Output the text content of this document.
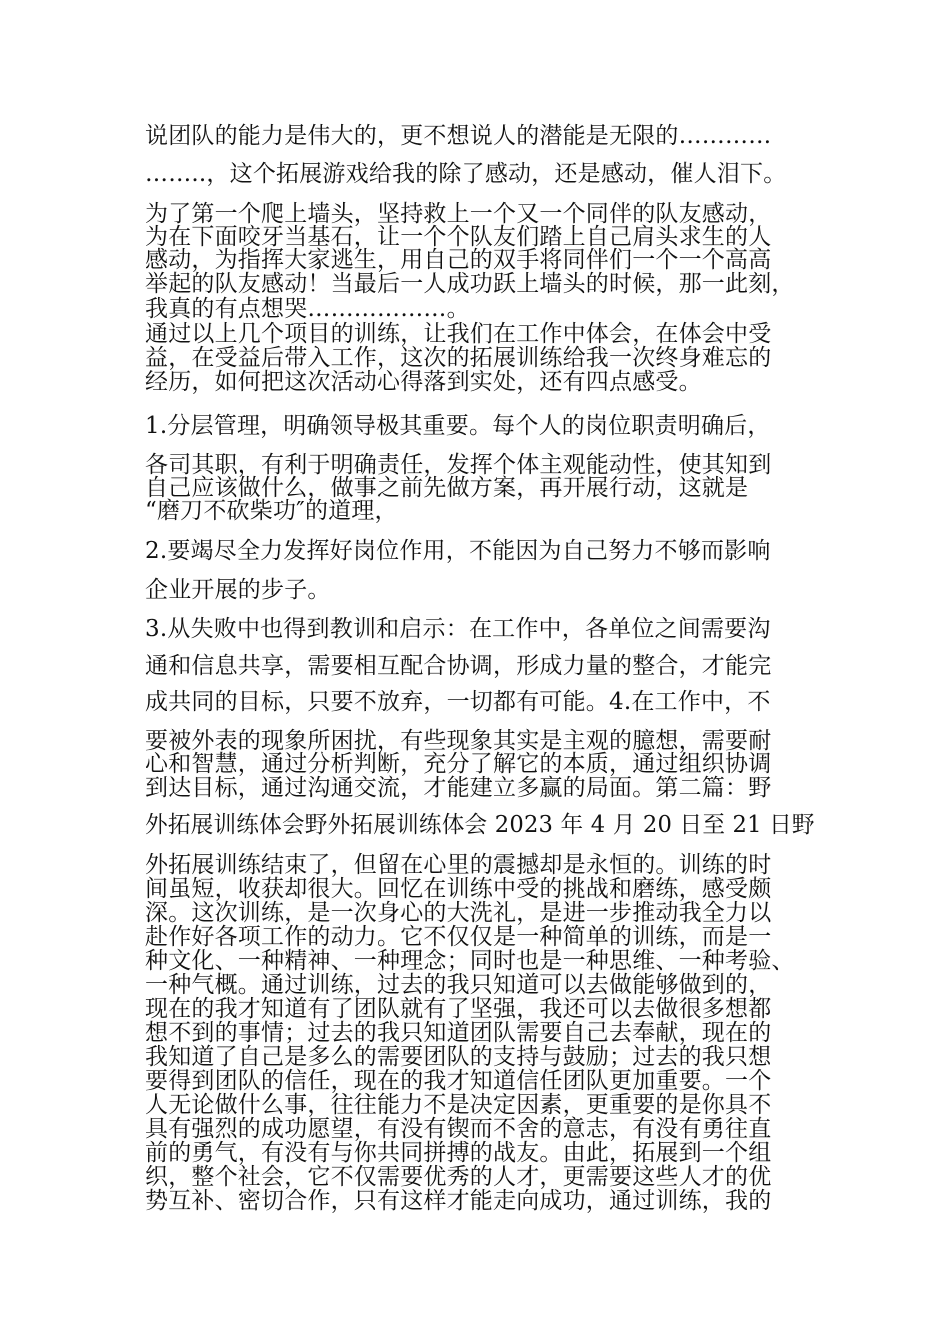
说团队的能力是伟大的，更不想说人的潜能是无限的…………
……..，这个拓展游戏给我的除了感动，还是感动，催人泪下。
为了第一个爬上墙头，坚持救上一个又一个同伴的队友感动，
为在下面咬牙当基石，让一个个队友们踏上自己肩头求生的人
感动，为指挥大家逃生，用自己的双手将同伴们一个一个高高
举起的队友感动！当最后一人成功跃上墙头的时候，那一此刻，
我真的有点想哭………………。
通过以上几个项目的训练，让我们在工作中体会，在体会中受
益，在受益后带入工作，这次的拓展训练给我一次终身难忘的
经历，如何把这次活动心得落到实处，还有四点感受。
1.分层管理，明确领导极其重要。每个人的岗位职责明确后，
各司其职，有利于明确责任，发挥个体主观能动性，使其知到
自己应该做什么，做事之前先做方案，再开展行动，这就是
“磨刀不砍柴功″的道理，
2.要竭尽全力发挥好岗位作用，不能因为自己努力不够而影响
企业开展的步子。
3.从失败中也得到教训和启示：在工作中，各单位之间需要沟
通和信息共享，需要相互配合协调，形成力量的整合，才能完
成共同的目标，只要不放弃，一切都有可能。4.在工作中，不
要被外表的现象所困扰，有些现象其实是主观的臆想，需要耐
心和智慧，通过分析判断，充分了解它的本质，通过组织协调
到达目标，通过沟通交流，才能建立多赢的局面。第二篇：野
外拓展训练体会野外拓展训练体会 2023 年 4 月 20 日至 21 日野
外拓展训练结束了，但留在心里的震撼却是永恒的。训练的时
间虽短，收获却很大。回忆在训练中受的挑战和磨练，感受颇
深。这次训练，是一次身心的大洗礼，是进一步推动我全力以
赴作好各项工作的动力。它不仅仅是一种简单的训练，而是一
种文化、一种精神、一种理念；同时也是一种思维、一种考验、
一种气概。通过训练，过去的我只知道可以去做能够做到的，
现在的我才知道有了团队就有了坚强，我还可以去做很多想都
想不到的事情；过去的我只知道团队需要自己去奉献，现在的
我知道了自己是多么的需要团队的支持与鼓励；过去的我只想
要得到团队的信任，现在的我才知道信任团队更加重要。一个
人无论做什么事，往往能力不是决定因素，更重要的是你具不
具有强烈的成功愿望，有没有锲而不舍的意志，有没有勇往直
前的勇气，有没有与你共同拼搏的战友。由此，拓展到一个组
织，整个社会，它不仅需要优秀的人才，更需要这些人才的优
势互补、密切合作，只有这样才能走向成功，通过训练，我的
